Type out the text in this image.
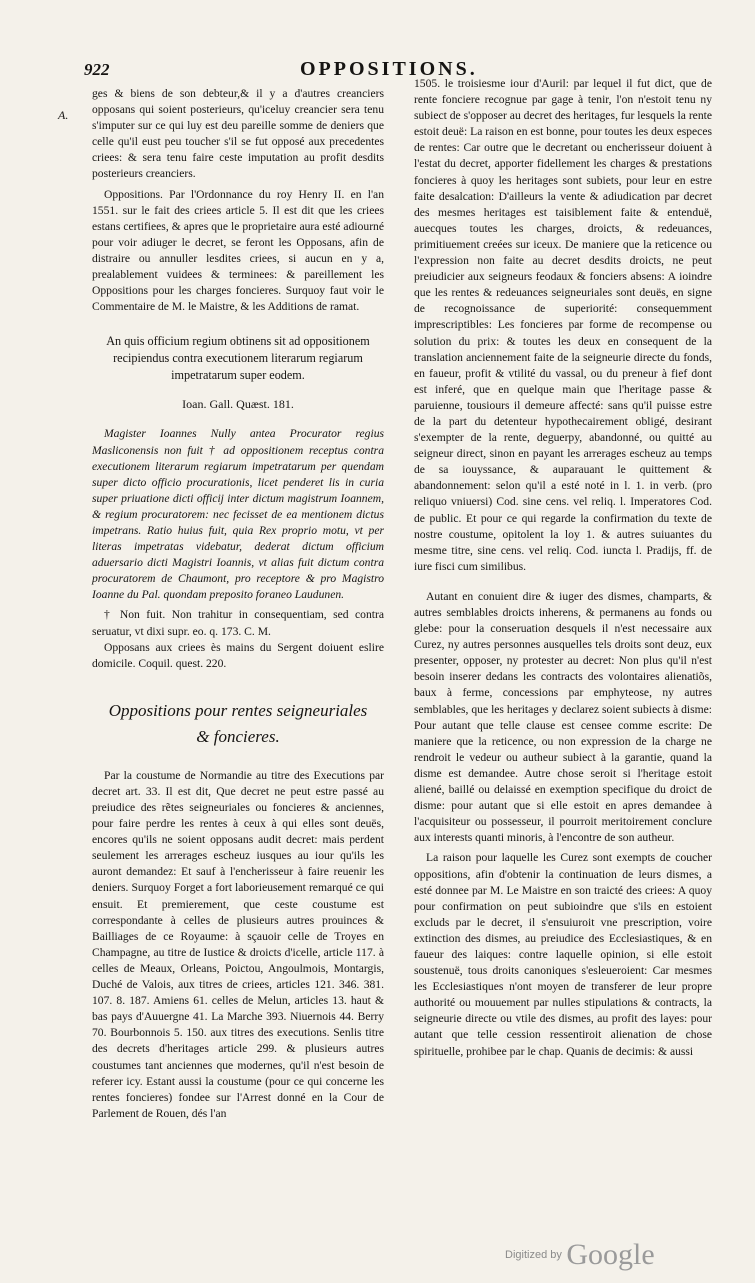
922	OPPOSITIONS.
A.

ges & biens de son debteur,& il y a d'autres creanciers opposans qui soient posterieurs, qu'iceluy creancier sera tenu s'imputer sur ce qui luy est deu pareille somme de deniers que celle qu'il eust peu toucher s'il se fut opposé aux precedentes criees: & sera tenu faire ceste imputation au profit desdits posterieurs creanciers.

Oppositions. Par l'Ordonnance du roy Henry II. en l'an 1551. sur le fait des criees article 5. Il est dit que les criees estans certifiees, & apres que le proprietaire aura esté adiourné pour voir adiuger le decret, se feront les Opposans, afin de distraire ou annuller lesdites criees, si aucun en y a, prealablement vuidees & terminees: & pareillement les Oppositions pour les charges foncieres. Surquoy faut voir le Commentaire de M. le Maistre, & les Additions de ramat.

An quis officium regium obtinens sit ad oppositionem recipiendus contra executionem literarum regiarum impetratarum super eodem.

Ioan. Gall. Quæst. 181.

Magister Ioannes Nully antea Procurator regius Masliconensis non fuit † ad oppositionem receptus contra executionem literarum regiarum impetratarum per quendam super dicto officio procurationis, licet penderet lis in curia super priuatione dicti officij inter dictum magistrum Ioannem, & regium procuratorem: nec fecisset de ea mentionem dictus impetrans. Ratio huius fuit, quia Rex proprio motu, vt per literas impetratas videbatur, dederat dictum officium aduersario dicti Magistri Ioannis, vt alias fuit dictum contra procuratorem de Chaumont, pro receptore & pro Magistro Ioanne du Pal. quondam preposito foraneo Laudunen.

† Non fuit. Non trahitur in consequentiam, sed contra seruatur, vt dixi supr. eo. q. 173. C. M.

Opposans aux criees ès mains du Sergent doiuent eslire domicile. Coquil. quest. 220.

Oppositions pour rentes seigneuriales
& foncieres.

Par la coustume de Normandie au titre des Executions par decret art. 33. Il est dit, Que decret ne peut estre passé au preiudice des rẽtes seigneuriales ou foncieres & anciennes, pour faire perdre les rentes à ceux à qui elles sont deuës, encores qu'ils ne soient opposans audit decret: mais perdent seulement les arrerages escheuz iusques au iour qu'ils les auront demandez: Et sauf à l'encherisseur à faire reuenir les deniers. Surquoy Forget a fort laborieusement remarqué ce qui ensuit. Et premierement, que ceste coustume est correspondante à celles de plusieurs autres prouinces & Bailliages de ce Royaume: à sçauoir celle de Troyes en Champagne, au titre de Iustice & droicts d'icelle, article 117. à celles de Meaux, Orleans, Poictou, Angoulmois, Montargis, Duché de Valois, aux titres de criees, articles 121. 346. 381. 107. 8. 187. Amiens 61. celles de Melun, articles 13. haut & bas pays d'Auuergne 41. La Marche 393. Niuernois 44. Berry 70. Bourbonnois 5. 150. aux titres des executions. Senlis titre des decrets d'heritages article 299. & plusieurs autres coustumes tant anciennes que modernes, qu'il n'est besoin de referer icy. Estant aussi la coustume (pour ce qui concerne les rentes foncieres) fondee sur l'Arrest donné en la Cour de Parlement de Rouen, dés l'an

1505. le troisiesme iour d'Auril: par lequel il fut dict, que de rente fonciere recognue par gage à tenir, l'on n'estoit tenu ny subiect de s'opposer au decret des heritages, fur lesquels la rente estoit deuë: La raison en est bonne, pour toutes les deux especes de rentes: Car outre que le decretant ou encherisseur doiuent à l'estat du decret, apporter fidellement les charges & prestations foncieres à quoy les heritages sont subiets, pour leur en estre faite desalcation: D'ailleurs la vente & adiudication par decret des mesmes heritages est taisiblement faite & entenduë, auecques toutes les charges, droicts, & redeuances, primitiuement creées sur iceux. De maniere que la reticence ou l'expression non faite au decret desdits droicts, ne peut preiudicier aux seigneurs feodaux & fonciers absens: A ioindre que les rentes & redeuances seigneuriales sont deuës, en signe de recognoissance de superiorité: consequemment imprescriptibles: Les foncieres par forme de recompense ou solution du prix: & toutes les deux en consequent de la translation anciennement faite de la seigneurie directe du fonds, en faueur, profit & vtilité du vassal, ou du preneur à fief dont est inferé, que en quelque main que l'heritage passe & paruienne, tousiours il demeure affecté: sans qu'il puisse estre de la part du detenteur hypothecairement obligé, desirant s'exempter de la rente, deguerpy, abandonné, ou quitté au seigneur direct, sinon en payant les arrerages escheuz au temps de sa iouyssance, & auparauant le quittement & abandonnement: selon qu'il a esté noté in l. 1. in verb. (pro reliquo vniuersi) Cod. sine cens. vel reliq. l. Imperatores Cod. de public. Et pour ce qui regarde la confirmation du texte de nostre coustume, opitolent la loy 1. & autres suiuantes du mesme titre, sine cens. vel reliq. Cod. iuncta l. Pradijs, ff. de iure fisci cum similibus.

Autant en conuient dire & iuger des dismes, champarts, & autres semblables droicts inherens, & permanens au fonds ou glebe: pour la conseruation desquels il n'est necessaire aux Curez, ny autres personnes ausquelles tels droits sont deuz, eux presenter, opposer, ny protester au decret: Non plus qu'il n'est besoin inserer dedans les contracts des volontaires alienatiõs, baux à ferme, concessions par emphyteose, ny autres semblables, que les heritages y declarez soient subiects à disme: Pour autant que telle clause est censee comme escrite: De maniere que la reticence, ou non expression de la charge ne rendroit le vedeur ou autheur subiect à la garantie, quand la disme est demandee. Autre chose seroit si l'heritage estoit aliené, baillé ou delaissé en exemption specifique du droict de disme: pour autant que si elle estoit en apres demandee à l'acquisiteur ou possesseur, il pourroit meritoirement conclure aux interests quanti minoris, à l'encontre de son autheur.

La raison pour laquelle les Curez sont exempts de coucher oppositions, afin d'obtenir la continuation de leurs dismes, a esté donnee par M. Le Maistre en son traicté des criees: A quoy pour confirmation on peut subioindre que s'ils en estoient excluds par le decret, il s'ensuiuroit vne prescription, voire extinction des dismes, au preiudice des Ecclesiastiques, & en faueur des laiques: contre laquelle opinion, si elle estoit soustenuë, tous droits canoniques s'esleueroient: Car mesmes les Ecclesiastiques n'ont moyen de transferer de leur propre authorité ou mouuement par nulles stipulations & contracts, la seigneurie directe ou vtile des dismes, au profit des layes: pour autant que telle cession ressentiroit alienation de chose spirituelle, prohibee par le chap. Quanis de decimis: & aussi

Digitized by Google
